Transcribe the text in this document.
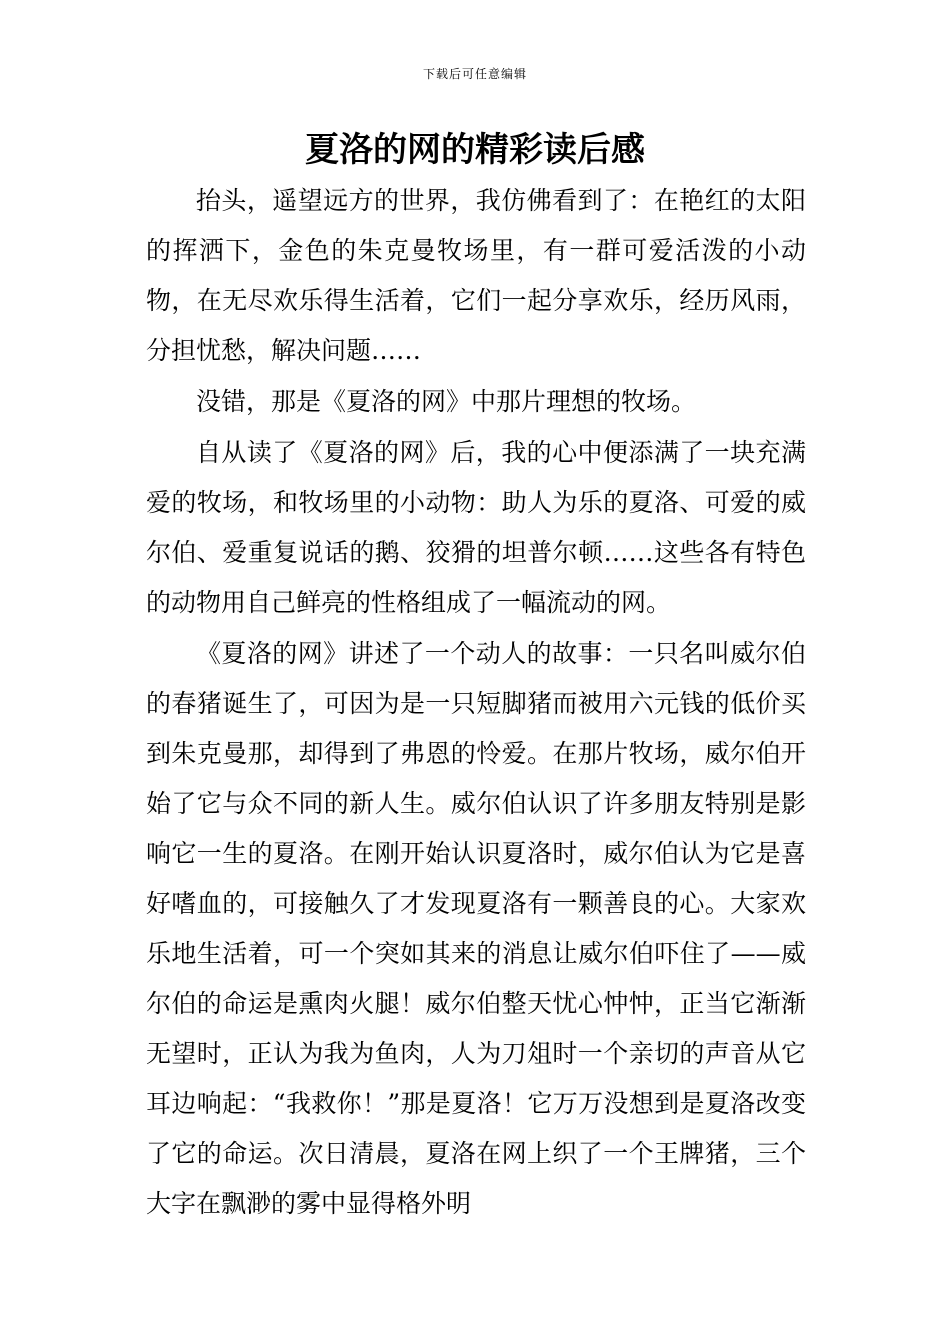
下载后可任意编辑
夏洛的网的精彩读后感

抬头，遥望远方的世界，我仿佛看到了：在艳红的太阳的挥洒下，金色的朱克曼牧场里，有一群可爱活泼的小动物，在无尽欢乐得生活着，它们一起分享欢乐，经历风雨，分担忧愁，解决问题……

没错，那是《夏洛的网》中那片理想的牧场。

自从读了《夏洛的网》后，我的心中便添满了一块充满爱的牧场，和牧场里的小动物：助人为乐的夏洛、可爱的威尔伯、爱重复说话的鹅、狡猾的坦普尔顿……这些各有特色的动物用自己鲜亮的性格组成了一幅流动的网。

《夏洛的网》讲述了一个动人的故事：一只名叫威尔伯的春猪诞生了，可因为是一只短脚猪而被用六元钱的低价买到朱克曼那，却得到了弗恩的怜爱。在那片牧场，威尔伯开始了它与众不同的新人生。威尔伯认识了许多朋友特别是影响它一生的夏洛。在刚开始认识夏洛时，威尔伯认为它是喜好嗜血的，可接触久了才发现夏洛有一颗善良的心。大家欢乐地生活着，可一个突如其来的消息让威尔伯吓住了——威尔伯的命运是熏肉火腿！威尔伯整天忧心忡忡，正当它渐渐无望时，正认为我为鱼肉，人为刀俎时一个亲切的声音从它耳边响起：“我救你！”那是夏洛！它万万没想到是夏洛改变了它的命运。次日清晨，夏洛在网上织了一个王牌猪，三个大字在飘渺的雾中显得格外明
